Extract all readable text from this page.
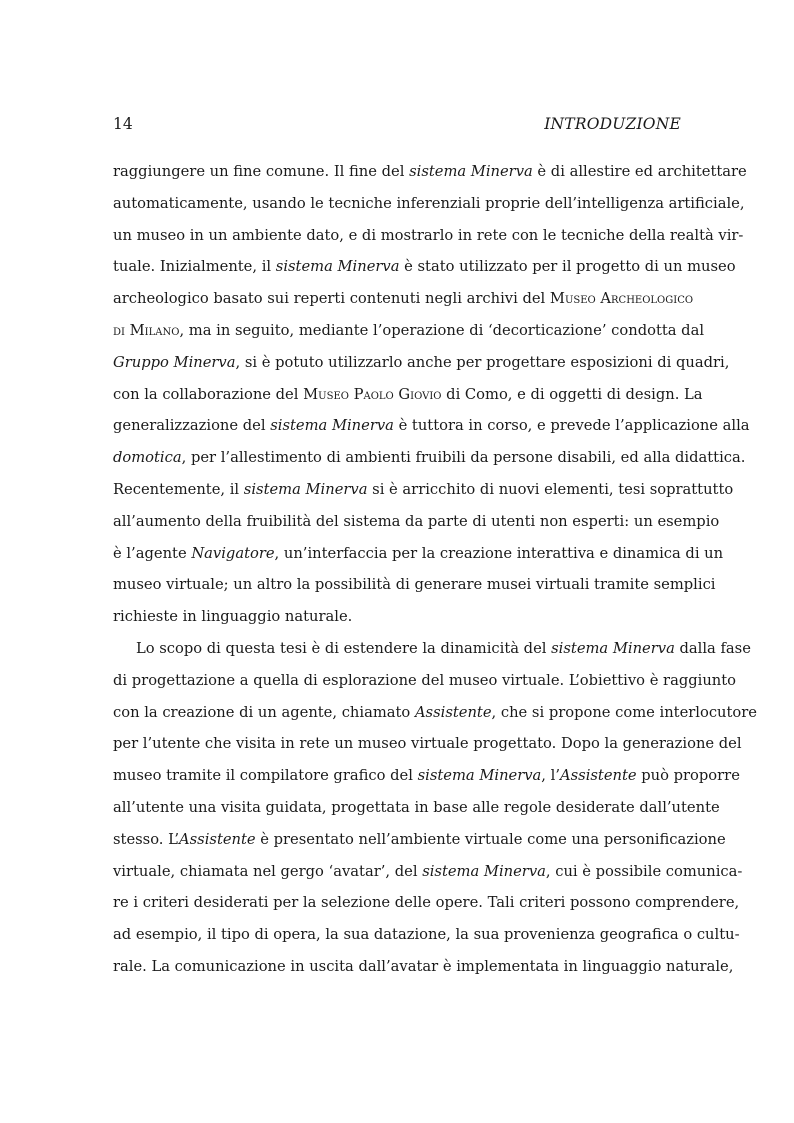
14	INTRODUZIONE
raggiungere un fine comune. Il fine del sistema Minerva è di allestire ed architettare
automaticamente, usando le tecniche inferenziali proprie dell’intelligenza artificiale,
un museo in un ambiente dato, e di mostrarlo in rete con le tecniche della realtà vir-
tuale. Inizialmente, il sistema Minerva è stato utilizzato per il progetto di un museo
archeologico basato sui reperti contenuti negli archivi del Museo Archeologico
di Milano, ma in seguito, mediante l’operazione di ‘decorticazione’ condotta dal
Gruppo Minerva, si è potuto utilizzarlo anche per progettare esposizioni di quadri,
con la collaborazione del Museo Paolo Giovio di Como, e di oggetti di design. La
generalizzazione del sistema Minerva è tuttora in corso, e prevede l’applicazione alla
domotica, per l’allestimento di ambienti fruibili da persone disabili, ed alla didattica.
Recentemente, il sistema Minerva si è arricchito di nuovi elementi, tesi soprattutto
all’aumento della fruibilità del sistema da parte di utenti non esperti: un esempio
è l’agente Navigatore, un’interfaccia per la creazione interattiva e dinamica di un
museo virtuale; un altro la possibilità di generare musei virtuali tramite semplici
richieste in linguaggio naturale.
Lo scopo di questa tesi è di estendere la dinamicità del sistema Minerva dalla fase
di progettazione a quella di esplorazione del museo virtuale. L’obiettivo è raggiunto
con la creazione di un agente, chiamato Assistente, che si propone come interlocutore
per l’utente che visita in rete un museo virtuale progettato. Dopo la generazione del
museo tramite il compilatore grafico del sistema Minerva, l’Assistente può proporre
all’utente una visita guidata, progettata in base alle regole desiderate dall’utente
stesso. L’Assistente è presentato nell’ambiente virtuale come una personificazione
virtuale, chiamata nel gergo ‘avatar’, del sistema Minerva, cui è possibile comunica-
re i criteri desiderati per la selezione delle opere. Tali criteri possono comprendere,
ad esempio, il tipo di opera, la sua datazione, la sua provenienza geografica o cultu-
rale. La comunicazione in uscita dall’avatar è implementata in linguaggio naturale,
